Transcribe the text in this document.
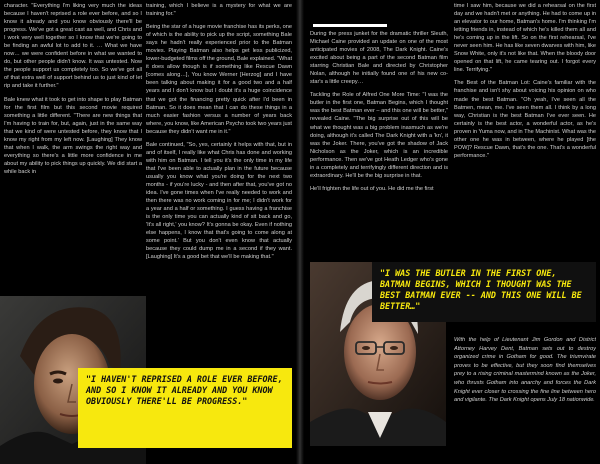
character. "Everything I'm liking very much the ideas because I haven't reprised a role ever before, and so I know it already and you know obviously there'll be progress. We've got a great cast as well, and Chris and I work very well together so I know that we're going to be finding an awful lot to add to it. … What we have now… we were confident before in what we wanted to do, but other people didn't know. It was untested. Now the people support us completely too. So we've got all of that extra well of support behind us to just kind of let rip and take it further."

Bale knew what it took to get into shape to play Batman for the first film but this second movie required something a little different. "There are new things that I'm having to train for, but, again, just in the same way that we kind of were untested before, they know that I know my right from my left now. [Laughing] They know that when I walk, the arm swings the right way and everything so there's a little more confidence in me about my ability to pick things up quickly. We did start a while back in

training, which I believe is a mystery for what we are training for."

Being the star of a huge movie franchise has its perks, one of which is the ability to pick up the script, something Bale says he hadn't really experienced prior to the Batman movies. Playing Batman also helps get less publicized, lower-budgeted films off the ground, Bale explained. "What it does allow though is if something like Rescue Dawn [comes along…], You know Werner [Herzog] and I have been talking about making it for a good two and a half years and I don't know but I doubt it's a huge coincidence that we got the financing pretty quick after I'd been in Batman. So it does mean that I can do these things in a much easier fashion versus a number of years back where, you know, like American Psycho took two years just because they didn't want me in it."

Bale continued, "So, yes, certainly it helps with that, but in and of itself, I really like what Chris has done and working with him on Batman. I tell you it's the only time in my life that I've been able to actually plan in the future because usually you know what you're doing for the next two months - if you're lucky - and then after that, you've got no idea. I've gone times when I've really needed to work and then there was no work coming in for me; I didn't work for a year and a half or something. I guess having a franchise is the only time you can actually kind of sit back and go, 'It's all right,' you know? It's gonna be okay. Even if nothing else happens, I know that that's going to come along at some point.' But you don't even know that actually because they could dump me in a second if they want. [Laughing] It's a good bet that we'll be making that."

"I HAVEN'T REPRISED A ROLE EVER BEFORE, AND SO I KNOW IT ALREADY AND YOU KNOW OBVIOUSLY THERE'LL BE PROGRESS."

During the press junket for the dramatic thriller Sleuth, Michael Caine provided an update on one of the most anticipated movies of 2008, The Dark Knight. Caine's excited about being a part of the second Batman film starring Christian Bale and directed by Christopher Nolan, although he initially found one of his new co-star's a little creepy…

Tackling the Role of Alfred One More Time: "I was the butler in the first one, Batman Begins, which I thought was the best Batman ever – and this one will be better," revealed Caine. "The big surprise out of this will be what we thought was a big problem inasmuch as we're doing, although it's called The Dark Knight with a 'kn', it was the Joker. There, you've got the shadow of Jack Nicholson as the Joker, which is an incredible performance. Then we've got Heath Ledger who's gone in a completely and terrifyingly different direction and is extraordinary. He'll be the big surprise in that.

He'll frighten the life out of you. He did me the first

time I saw him, because we did a rehearsal on the first day and we hadn't met or anything. He had to come up in an elevator to our home, Batman's home. I'm thinking I'm letting friends in, instead of which he's killed them all and he's coming up in the lift. So on the first rehearsal, I've never seen him. He has like seven dwarves with him, like Snow White, only it's not like that. When the bloody door opened on that lift, he came tearing out. I forgot every line. Terrifying."

The Best of the Batman Lot: Caine's familiar with the franchise and isn't shy about voicing his opinion on who made the best Batman. "Oh yeah, I've seen all the Batmen, mean, me. I've seen them all. I think by a long way, Christian is the best Batman I've ever seen. He certainly is the best actor, a wonderful actor, as he's proven in Yuma now, and in The Machinist. What was the other one he was in between, where he played [the POW]? Rescue Dawn, that's the one. That's a wonderful performance."

"I WAS THE BUTLER IN THE FIRST ONE, BATMAN BEGINS, WHICH I THOUGHT WAS THE BEST BATMAN EVER -- AND THIS ONE WILL BE BETTER…"

With the help of Lieutenant Jim Gordon and District Attorney Harvey Dent, Batman sets out to destroy organized crime in Gotham for good. The triumvirate proves to be effective, but they soon find themselves prey to a rising criminal mastermind known as the Joker, who thrusts Gotham into anarchy and forces the Dark Knight ever closer to crossing the fine line between hero and vigilante. The Dark Knight opens July 18 nationwide.
